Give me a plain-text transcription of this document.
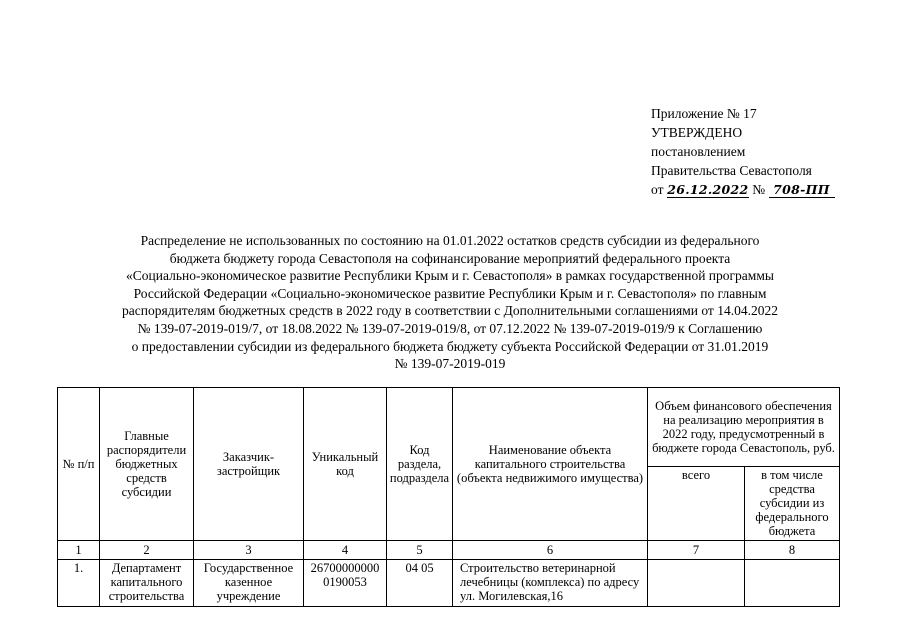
Приложение № 17
УТВЕРЖДЕНО
постановлением
Правительства Севастополя
от 26.12.2022 № 708-ПП
Распределение не использованных по состоянию на 01.01.2022 остатков средств субсидии из федерального
бюджета бюджету города Севастополя на софинансирование мероприятий федерального проекта
«Социально-экономическое развитие Республики Крым и г. Севастополя» в рамках государственной программы
Российской Федерации «Социально-экономическое развитие Республики Крым и г. Севастополя» по главным
распорядителям бюджетных средств в 2022 году в соответствии с Дополнительными соглашениями от 14.04.2022
№ 139-07-2019-019/7, от 18.08.2022 № 139-07-2019-019/8, от 07.12.2022 № 139-07-2019-019/9 к Соглашению
о предоставлении субсидии из федерального бюджета бюджету субъекта Российской Федерации от 31.01.2019
№ 139-07-2019-019
№ п/п	Главные распорядители бюджетных средств субсидии	Заказчик-застройщик	Уникальный код	Код раздела, подраздела	Наименование объекта капитального строительства (объекта недвижимого имущества)	Объем финансового обеспечения на реализацию мероприятия в 2022 году, предусмотренный в бюджете города Севастополь, руб.	
						всего	в том числе средства субсидии из федерального бюджета
1	2	3	4	5	6	7	8
1.	Департамент капитального строительства	Государственное казенное учреждение	26700000000 0190053	04 05	Строительство ветеринарной лечебницы (комплекса) по адресу ул. Могилевская,16		
